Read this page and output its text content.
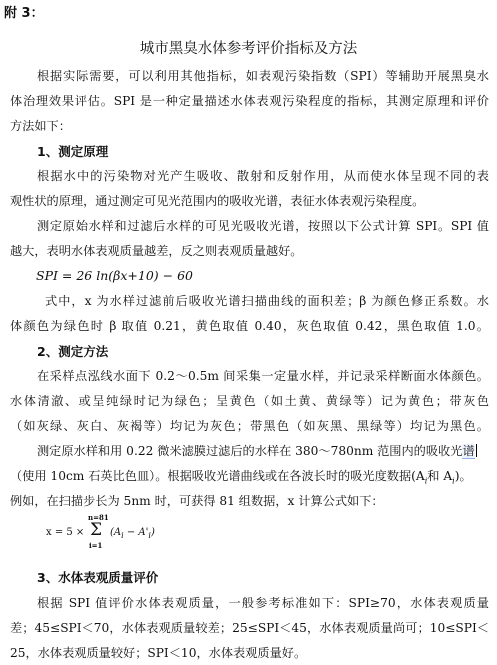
附 3：
城市黑臭水体参考评价指标及方法
根据实际需要，可以利用其他指标，如表观污染指数（SPI）等辅助开展黑臭水
体治理效果评估。SPI 是一种定量描述水体表观污染程度的指标，其测定原理和评价
方法如下：
1、测定原理
根据水中的污染物对光产生吸收、散射和反射作用，从而使水体呈现不同的表
观性状的原理，通过测定可见光范围内的吸收光谱，表征水体表观污染程度。
测定原始水样和过滤后水样的可见光吸收光谱，按照以下公式计算 SPI。SPI 值
越大，表明水体表观质量越差，反之则表观质量越好。
SPI = 26 ln(βx+10) − 60
式中，x 为水样过滤前后吸收光谱扫描曲线的面积差；β 为颜色修正系数。水
体颜色为绿色时 β 取值 0.21，黄色取值 0.40，灰色取值 0.42，黑色取值 1.0。
2、测定方法
在采样点泓线水面下 0.2～0.5m 间采集一定量水样，并记录采样断面水体颜色。
水体清澈、或呈纯绿时记为绿色；呈黄色（如土黄、黄绿等）记为黄色；带灰色
（如灰绿、灰白、灰褐等）均记为灰色；带黑色（如灰黑、黑绿等）均记为黑色。
测定原水样和用 0.22 微米滤膜过滤后的水样在 380～780nm 范围内的吸收光谱
（使用 10cm 石英比色皿）。根据吸收光谱曲线或在各波长时的吸光度数据($A_i$和 $A_i$)。
例如，在扫描步长为 5nm 时，可获得 81 组数据，x 计算公式如下：
x = 5 ×
n=81
Σ
i=1
$(A_i - A'_i)$
3、水体表观质量评价
根据 SPI 值评价水体表观质量，一般参考标准如下：SPI≥70，水体表观质量
差；45≤SPI＜70，水体表观质量较差；25≤SPI＜45，水体表观质量尚可；10≤SPI＜
25，水体表观质量较好；SPI＜10，水体表观质量好。
